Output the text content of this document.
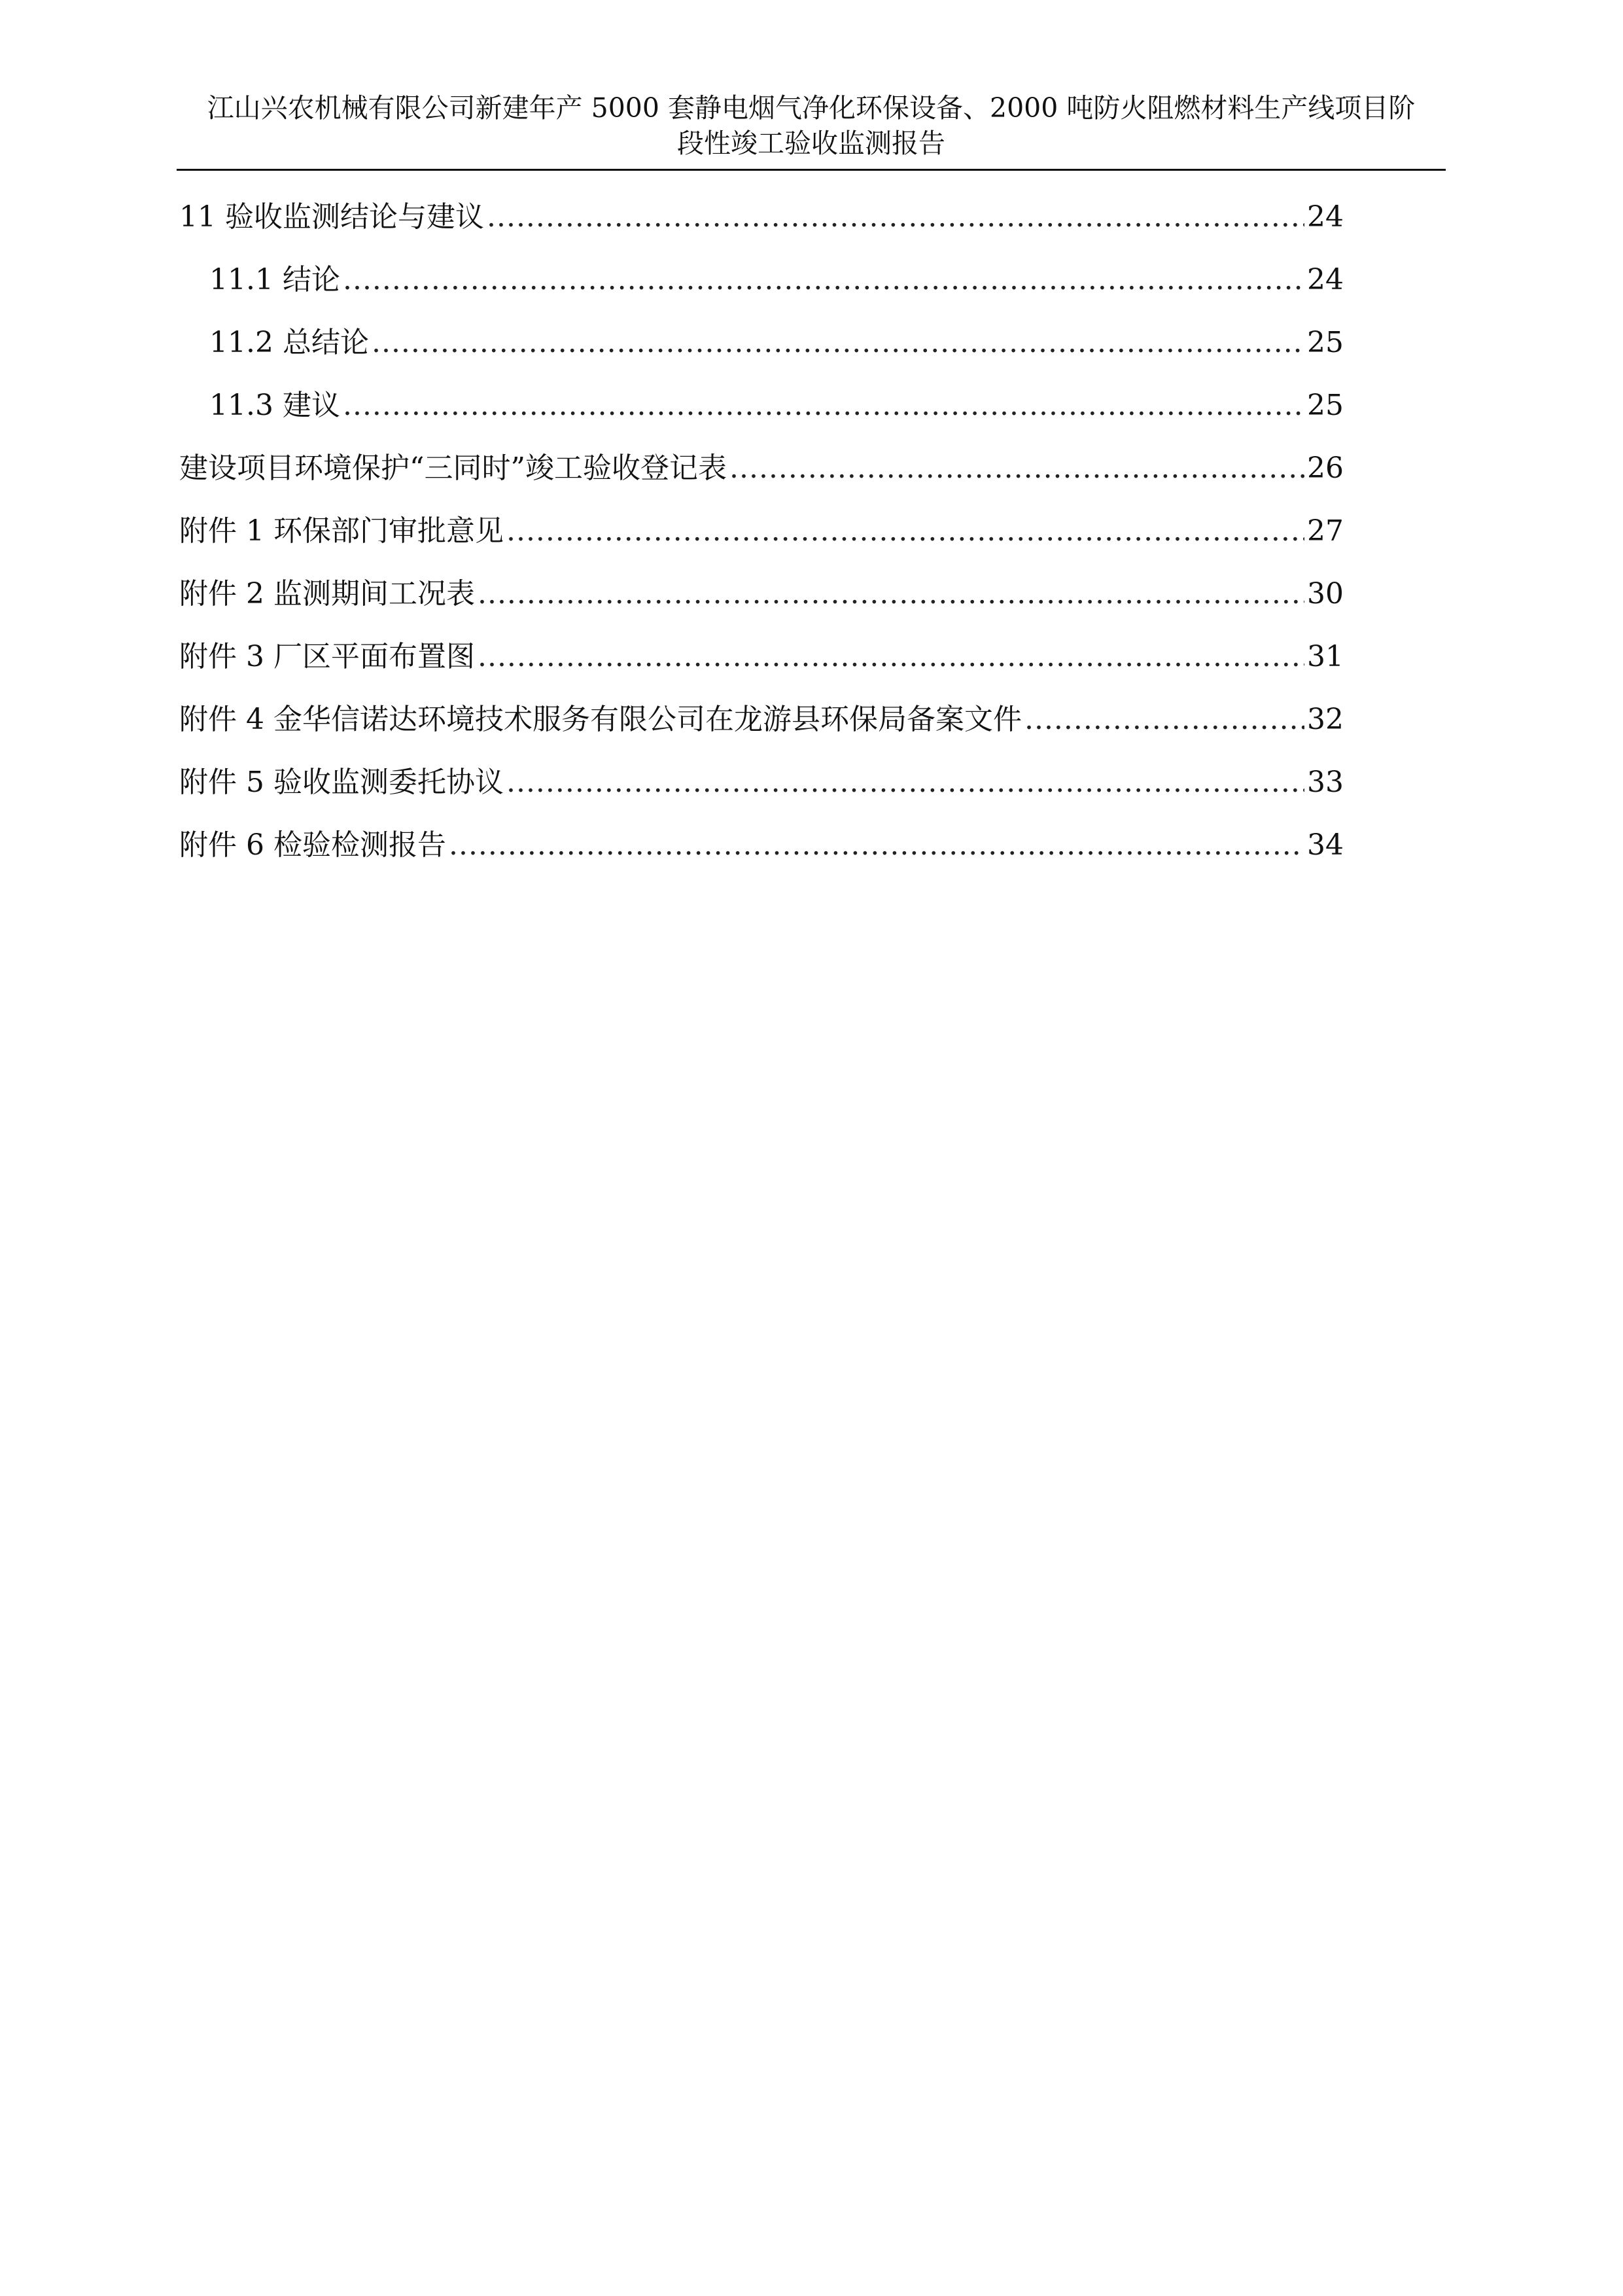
江山兴农机械有限公司新建年产 5000 套静电烟气净化环保设备、2000 吨防火阻燃材料生产线项目阶
段性竣工验收监测报告
11 验收监测结论与建议 .....	24
11.1 结论 .....	24
11.2 总结论 .....	25
11.3 建议 .....	25
建设项目环境保护“三同时”竣工验收登记表 .....	26
附件 1 环保部门审批意见 .....	27
附件 2 监测期间工况表 .....	30
附件 3 厂区平面布置图 .....	31
附件 4 金华信诺达环境技术服务有限公司在龙游县环保局备案文件 .....	32
附件 5 验收监测委托协议 .....	33
附件 6 检验检测报告 .....	34
